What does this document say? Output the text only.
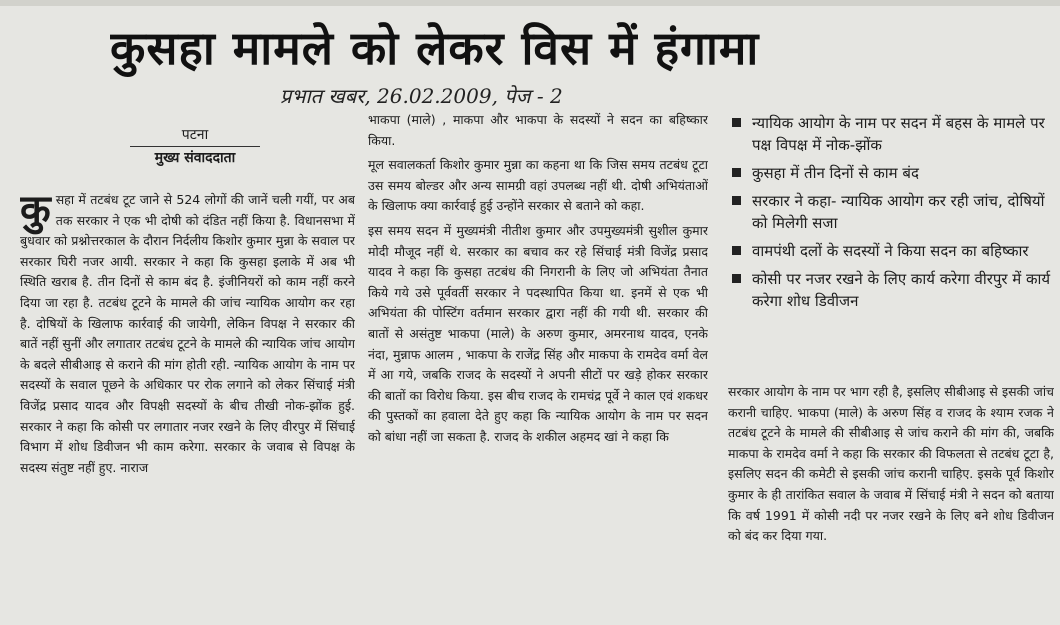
कुसहा मामले को लेकर विस में हंगामा
प्रभात खबर, 26.02.2009, पेज - 2
पटना
मुख्य संवाददाता
कु सहा में तटबंध टूट जाने से 524 लोगों की जानें चली गयीं, पर अब तक सरकार ने एक भी दोषी को दंडित नहीं किया है. विधानसभा में बुधवार को प्रश्नोत्तरकाल के दौरान निर्दलीय किशोर कुमार मुन्ना के सवाल पर सरकार घिरी नजर आयी. सरकार ने कहा कि कुसहा इलाके में अब भी स्थिति खराब है. तीन दिनों से काम बंद है. इंजीनियरों को काम नहीं करने दिया जा रहा है. तटबंध टूटने के मामले की जांच न्यायिक आयोग कर रहा है. दोषियों के खिलाफ कार्रवाई की जायेगी, लेकिन विपक्ष ने सरकार की बातें नहीं सुनीं और लगातार तटबंध टूटने के मामले की न्यायिक जांच आयोग के बदले सीबीआइ से कराने की मांग होती रही. न्यायिक आयोग के नाम पर सदस्यों के सवाल पूछने के अधिकार पर रोक लगाने को लेकर सिंचाई मंत्री विजेंद्र प्रसाद यादव और विपक्षी सदस्यों के बीच तीखी नोक-झोंक हुई. सरकार ने कहा कि कोसी पर लगातार नजर रखने के लिए वीरपुर में सिंचाई विभाग में शोध डिवीजन भी काम करेगा. सरकार के जवाब से विपक्ष के सदस्य संतुष्ट नहीं हुए. नाराज

भाकपा (माले) , माकपा और भाकपा के सदस्यों ने सदन का बहिष्कार किया.

मूल सवालकर्ता किशोर कुमार मुन्ना का कहना था कि जिस समय तटबंध टूटा उस समय बोल्डर और अन्य सामग्री वहां उपलब्ध नहीं थी. दोषी अभियंताओं के खिलाफ क्या कार्रवाई हुई उन्होंने सरकार से बताने को कहा.

इस समय सदन में मुख्यमंत्री नीतीश कुमार और उपमुख्यमंत्री सुशील कुमार मोदी मौजूद नहीं थे. सरकार का बचाव कर रहे सिंचाई मंत्री विजेंद्र प्रसाद यादव ने कहा कि कुसहा तटबंध की निगरानी के लिए जो अभियंता तैनात किये गये उसे पूर्ववर्ती सरकार ने पदस्थापित किया था. इनमें से एक भी अभियंता की पोस्टिंग वर्तमान सरकार द्वारा नहीं की गयी थी. सरकार की बातों से असंतुष्ट भाकपा (माले) के अरुण कुमार, अमरनाथ यादव, एनके नंदा, मुन्नाफ आलम , भाकपा के राजेंद्र सिंह और माकपा के रामदेव वर्मा वेल में आ गये, जबकि राजद के सदस्यों ने अपनी सीटों पर खड़े होकर सरकार की बातों का विरोध किया. इस बीच राजद के रामचंद्र पूर्वे ने काल एवं शकधर की पुस्तकों का हवाला देते हुए कहा कि न्यायिक आयोग के नाम पर सदन को बांधा नहीं जा सकता है. राजद के शकील अहमद खां ने कहा कि

न्यायिक आयोग के नाम पर सदन में बहस के मामले पर पक्ष विपक्ष में नोक-झोंक
कुसहा में तीन दिनों से काम बंद
सरकार ने कहा- न्यायिक आयोग कर रही जांच, दोषियों को मिलेगी सजा
वामपंथी दलों के सदस्यों ने किया सदन का बहिष्कार
कोसी पर नजर रखने के लिए कार्य करेगा वीरपुर में कार्य करेगा शोध डिवीजन
सरकार आयोग के नाम पर भाग रही है, इसलिए सीबीआइ से इसकी जांच करानी चाहिए. भाकपा (माले) के अरुण सिंह व राजद के श्याम रजक ने तटबंध टूटने के मामले की सीबीआइ से जांच कराने की मांग की, जबकि माकपा के रामदेव वर्मा ने कहा कि सरकार की विफलता से तटबंध टूटा है, इसलिए सदन की कमेटी से इसकी जांच करानी चाहिए. इसके पूर्व किशोर कुमार के ही तारांकित सवाल के जवाब में सिंचाई मंत्री ने सदन को बताया कि वर्ष 1991 में कोसी नदी पर नजर रखने के लिए बने शोध डिवीजन को बंद कर दिया गया.
